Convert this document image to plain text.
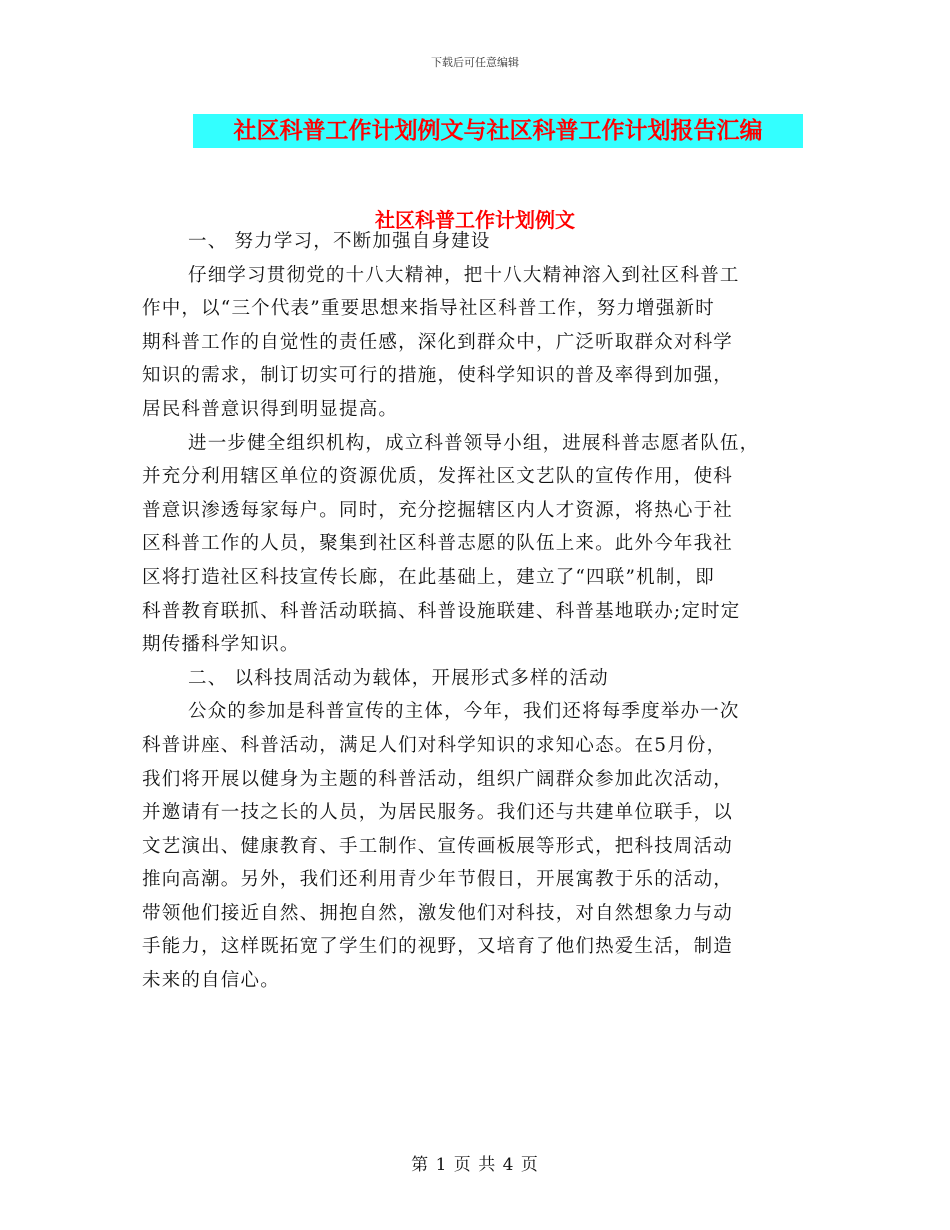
下载后可任意编辑
社区科普工作计划例文与社区科普工作计划报告汇编
社区科普工作计划例文
一、 努力学习，不断加强自身建设
仔细学习贯彻党的十八大精神，把十八大精神溶入到社区科普工
作中，以“三个代表”重要思想来指导社区科普工作，努力增强新时
期科普工作的自觉性的责任感，深化到群众中，广泛听取群众对科学
知识的需求，制订切实可行的措施，使科学知识的普及率得到加强，
居民科普意识得到明显提高。
进一步健全组织机构，成立科普领导小组，进展科普志愿者队伍，
并充分利用辖区单位的资源优质，发挥社区文艺队的宣传作用，使科
普意识渗透每家每户。同时，充分挖掘辖区内人才资源，将热心于社
区科普工作的人员，聚集到社区科普志愿的队伍上来。此外今年我社
区将打造社区科技宣传长廊，在此基础上，建立了“四联”机制，即
科普教育联抓、科普活动联搞、科普设施联建、科普基地联办;定时定
期传播科学知识。
二、 以科技周活动为载体，开展形式多样的活动
公众的参加是科普宣传的主体，今年，我们还将每季度举办一次
科普讲座、科普活动，满足人们对科学知识的求知心态。在5月份，
我们将开展以健身为主题的科普活动，组织广阔群众参加此次活动，
并邀请有一技之长的人员，为居民服务。我们还与共建单位联手，以
文艺演出、健康教育、手工制作、宣传画板展等形式，把科技周活动
推向高潮。另外，我们还利用青少年节假日，开展寓教于乐的活动，
带领他们接近自然、拥抱自然，激发他们对科技，对自然想象力与动
手能力，这样既拓宽了学生们的视野，又培育了他们热爱生活，制造
未来的自信心。
第 1 页 共 4 页
